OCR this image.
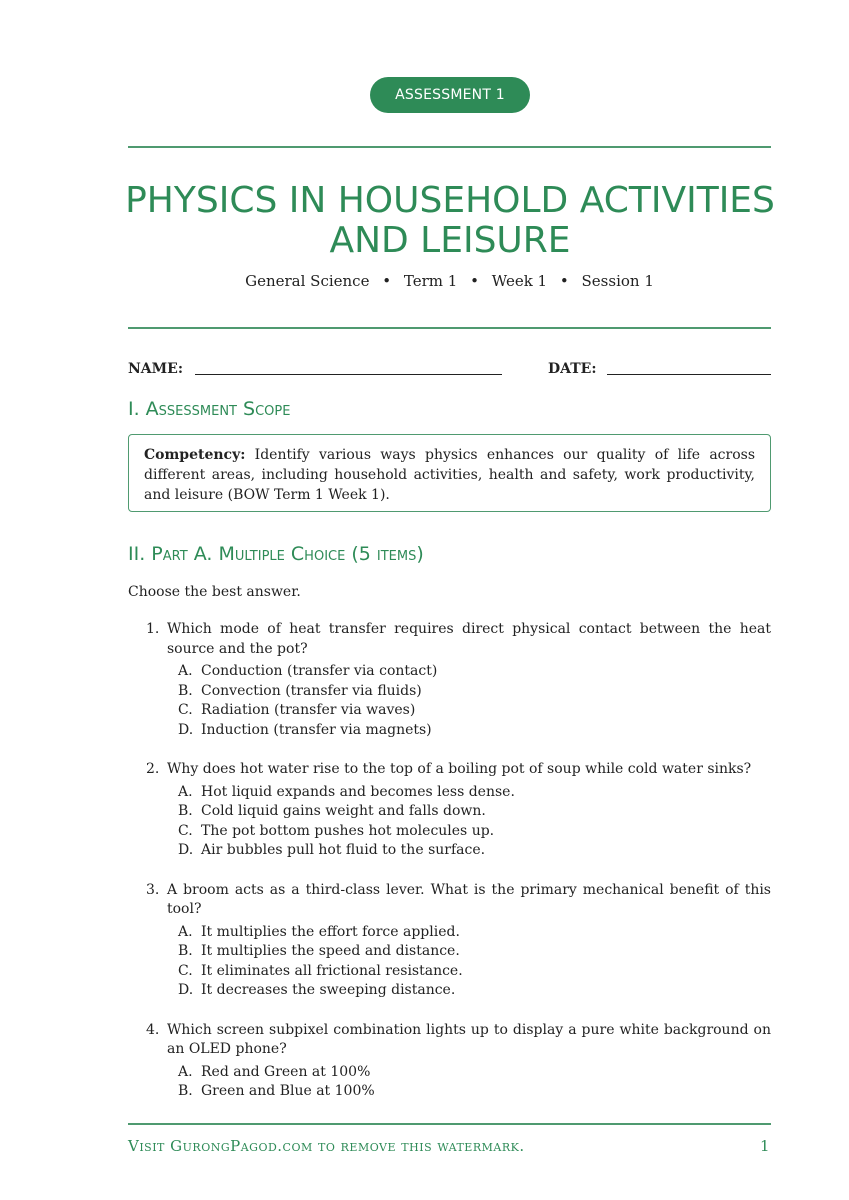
ASSESSMENT 1
PHYSICS IN HOUSEHOLD ACTIVITIES
AND LEISURE
General Science • Term 1 • Week 1 • Session 1
NAME:	DATE:
I. Assessment Scope
Competency: Identify various ways physics enhances our quality of life across different areas, including household activities, health and safety, work productivity, and leisure (BOW Term 1 Week 1).
II. Part A. Multiple Choice (5 items)
Choose the best answer.
1. Which mode of heat transfer requires direct physical contact between the heat source and the pot?
A. Conduction (transfer via contact)
B. Convection (transfer via fluids)
C. Radiation (transfer via waves)
D. Induction (transfer via magnets)
2. Why does hot water rise to the top of a boiling pot of soup while cold water sinks?
A. Hot liquid expands and becomes less dense.
B. Cold liquid gains weight and falls down.
C. The pot bottom pushes hot molecules up.
D. Air bubbles pull hot fluid to the surface.
3. A broom acts as a third-class lever. What is the primary mechanical benefit of this tool?
A. It multiplies the effort force applied.
B. It multiplies the speed and distance.
C. It eliminates all frictional resistance.
D. It decreases the sweeping distance.
4. Which screen subpixel combination lights up to display a pure white background on an OLED phone?
A. Red and Green at 100%
B. Green and Blue at 100%
Visit GurongPagod.com to remove this watermark.	1
